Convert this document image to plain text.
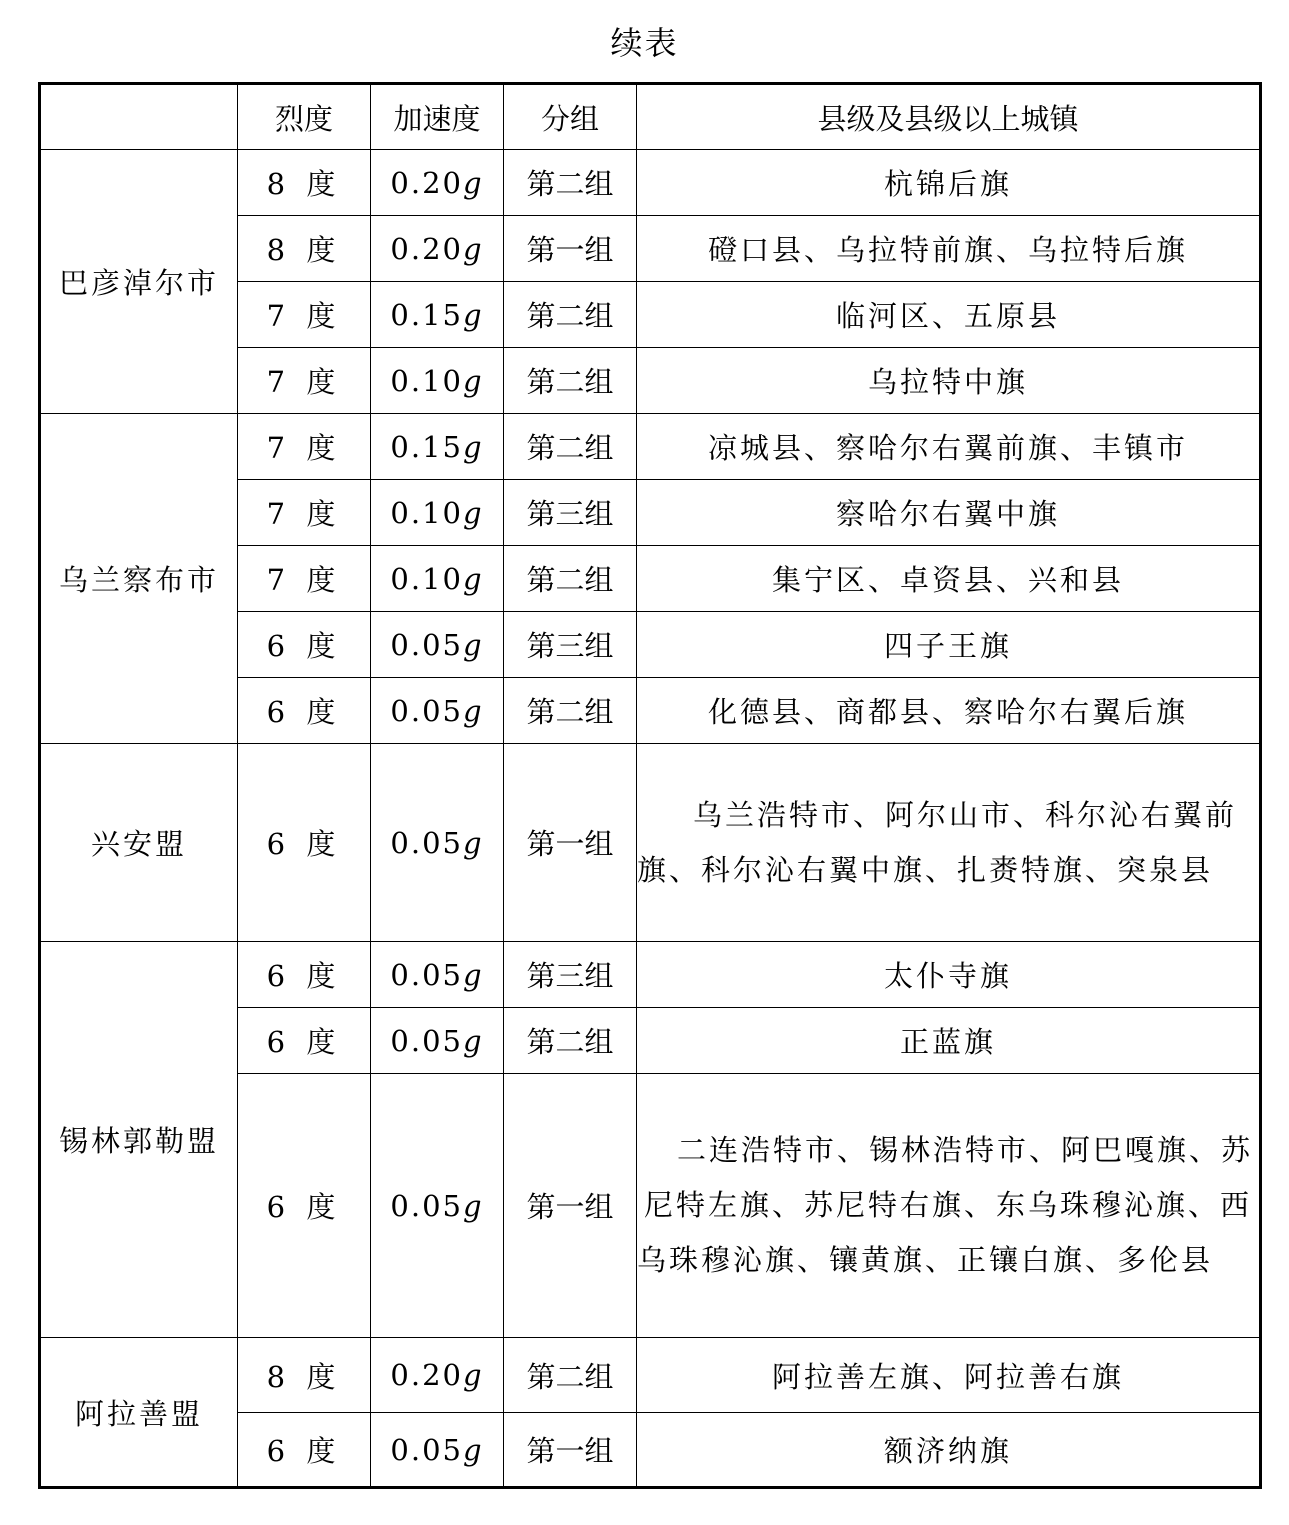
续表
	烈度	加速度	分组	县级及县级以上城镇
巴彦淖尔市	8 度	0.20g	第二组	杭锦后旗
	8 度	0.20g	第一组	磴口县、乌拉特前旗、乌拉特后旗
	7 度	0.15g	第二组	临河区、五原县
	7 度	0.10g	第二组	乌拉特中旗
乌兰察布市	7 度	0.15g	第二组	凉城县、察哈尔右翼前旗、丰镇市
	7 度	0.10g	第三组	察哈尔右翼中旗
	7 度	0.10g	第二组	集宁区、卓资县、兴和县
	6 度	0.05g	第三组	四子王旗
	6 度	0.05g	第二组	化德县、商都县、察哈尔右翼后旗
兴安盟	6 度	0.05g	第一组	乌兰浩特市、阿尔山市、科尔沁右翼前旗、科尔沁右翼中旗、扎赉特旗、突泉县
锡林郭勒盟	6 度	0.05g	第三组	太仆寺旗
	6 度	0.05g	第二组	正蓝旗
	6 度	0.05g	第一组	二连浩特市、锡林浩特市、阿巴嘎旗、苏尼特左旗、苏尼特右旗、东乌珠穆沁旗、西乌珠穆沁旗、镶黄旗、正镶白旗、多伦县
阿拉善盟	8 度	0.20g	第二组	阿拉善左旗、阿拉善右旗
	6 度	0.05g	第一组	额济纳旗
